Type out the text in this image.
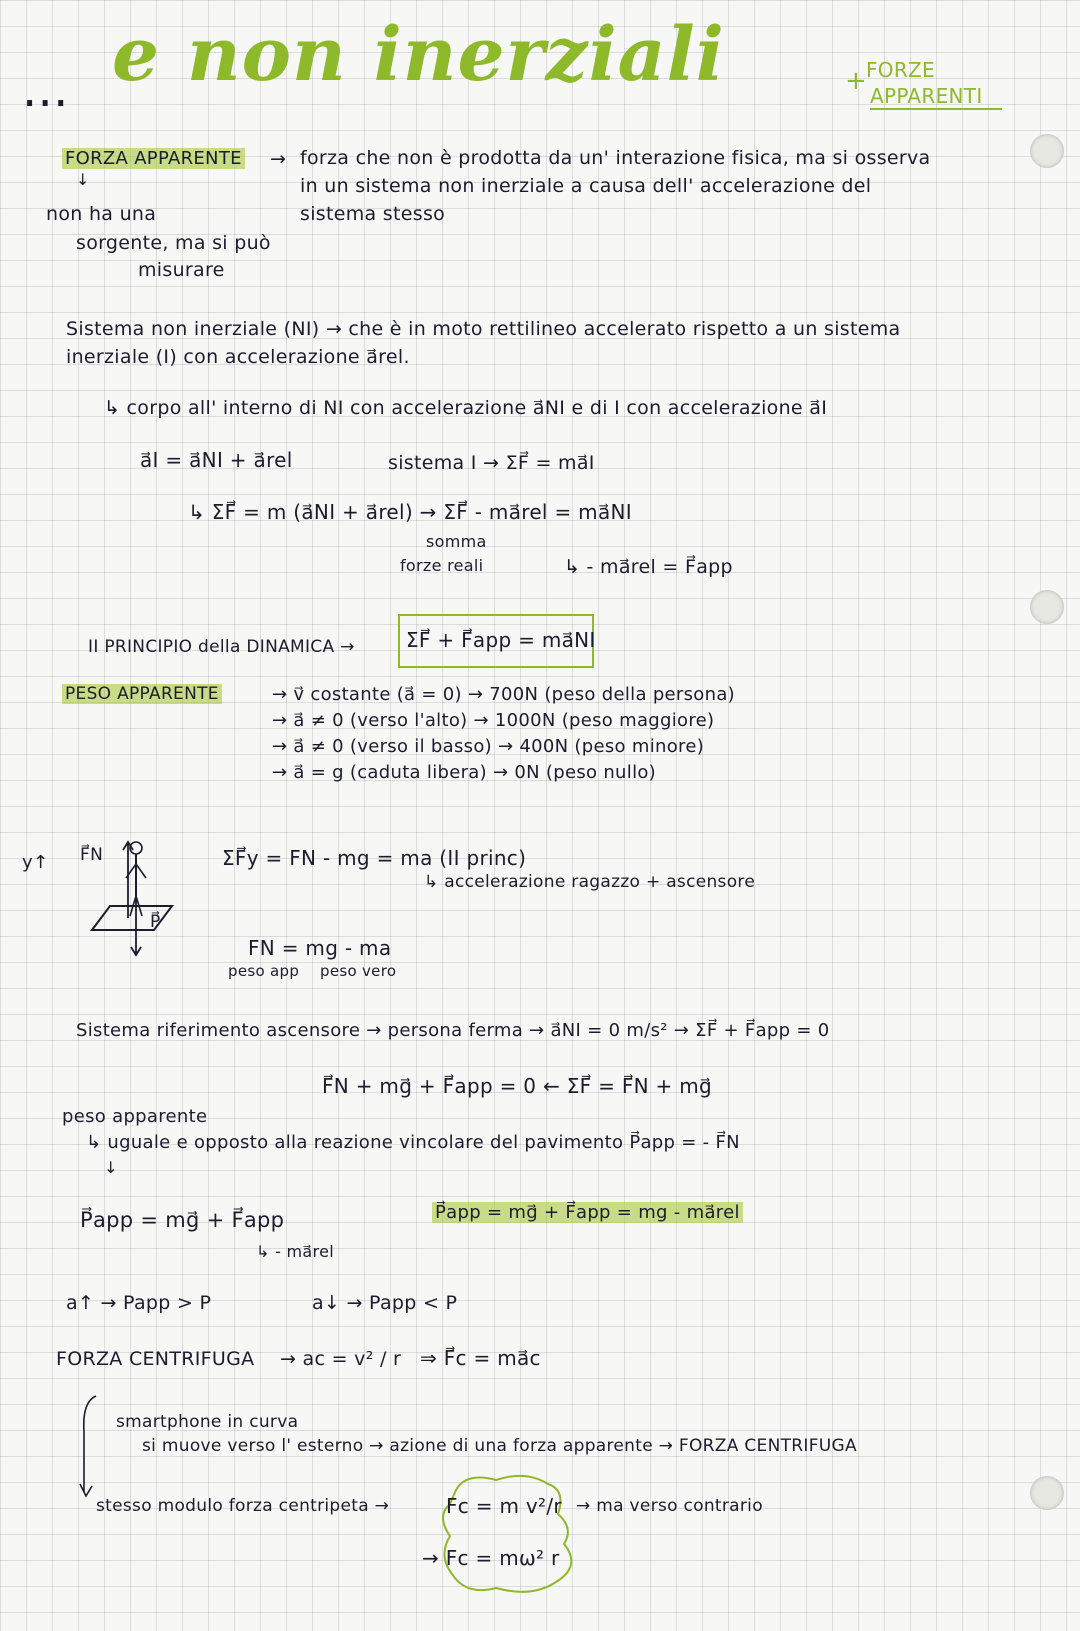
... e non inerziali	+
FORZE
APPARENTI
FORZA APPARENTE → forza che non è prodotta da un' interazione fisica, ma si osserva
in un sistema non inerziale a causa dell' accelerazione del
sistema stesso
↓
non ha una
sorgente, ma si può
misurare
Sistema non inerziale (NI) → che è in moto rettilineo accelerato rispetto a un sistema
inerziale (I) con accelerazione a⃗rel.
↳ corpo all' interno di NI con accelerazione a⃗NI e di I con accelerazione a⃗I
a⃗I = a⃗NI + a⃗rel	sistema I → ΣF⃗ = ma⃗I
↳ ΣF⃗ = m (a⃗NI + a⃗rel) → ΣF⃗ - ma⃗rel = ma⃗NI
somma
forze reali	↳ - ma⃗rel = F⃗app
II PRINCIPIO della DINAMICA →	ΣF⃗ + F⃗app = ma⃗NI
PESO APPARENTE	→ v⃗ costante (a⃗ = 0) → 700N (peso della persona)
→ a⃗ ≠ 0 (verso l'alto) → 1000N (peso maggiore)
→ a⃗ ≠ 0 (verso il basso) → 400N (peso minore)
→ a⃗ = g (caduta libera) → 0N (peso nullo)
y↑ F⃗N
P⃗
ΣF⃗y = FN - mg = ma (II princ)
↳ accelerazione ragazzo + ascensore
FN = mg - ma
peso app peso vero
Sistema riferimento ascensore → persona ferma → a⃗NI = 0 m/s² → ΣF⃗ + F⃗app = 0
F⃗N + mg⃗ + F⃗app = 0 ← ΣF⃗ = F⃗N + mg⃗
peso apparente
↳ uguale e opposto alla reazione vincolare del pavimento P⃗app = - F⃗N
↓
P⃗app = mg⃗ + F⃗app
↳ - ma⃗rel
P⃗app = mg⃗ + F⃗app = mg - ma⃗rel
a↑ → Papp > P	a↓ → Papp < P
FORZA CENTRIFUGA → ac = v² / r ⇒ F⃗c = ma⃗c
smartphone in curva
si muove verso l' esterno → azione di una forza apparente → FORZA CENTRIFUGA
stesso modulo forza centripeta →	Fc = m v²/r → ma verso contrario
→ Fc = mω² r
